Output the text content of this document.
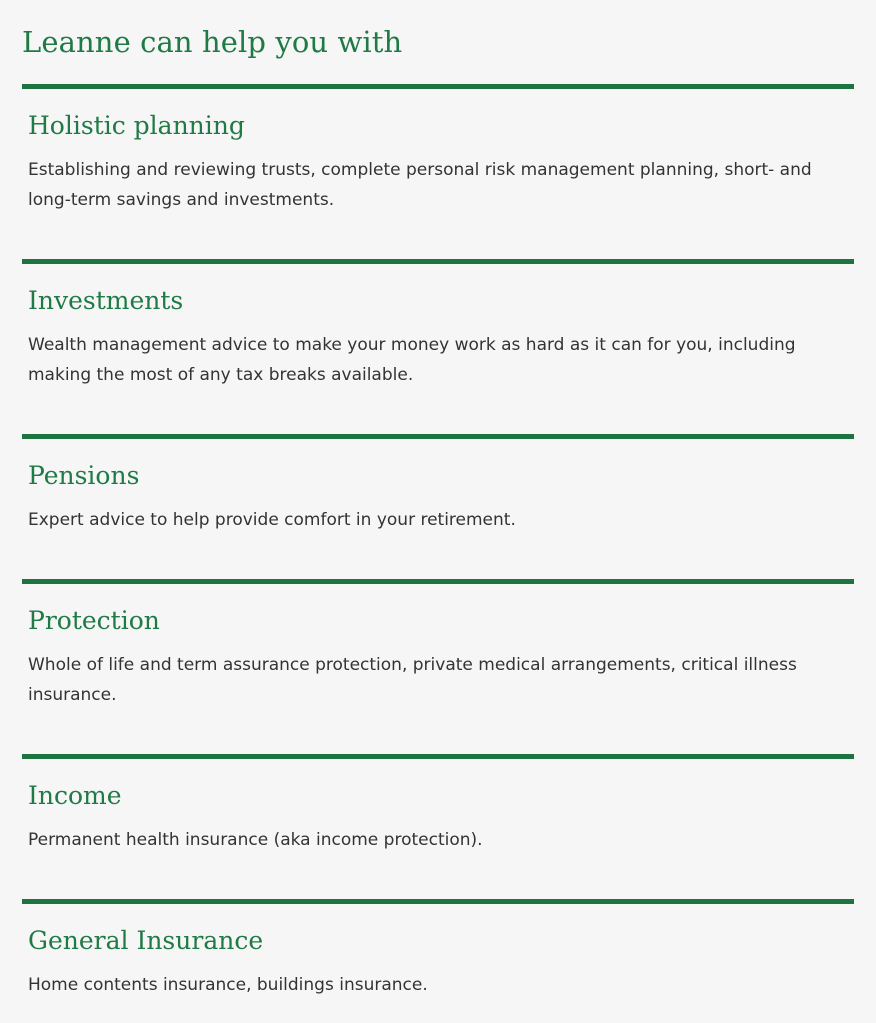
Leanne can help you with
Holistic planning

Establishing and reviewing trusts, complete personal risk management planning, short- and long-term savings and investments.

Investments

Wealth management advice to make your money work as hard as it can for you, including making the most of any tax breaks available.

Pensions

Expert advice to help provide comfort in your retirement.

Protection

Whole of life and term assurance protection, private medical arrangements, critical illness insurance.

Income

Permanent health insurance (aka income protection).

General Insurance

Home contents insurance, buildings insurance.
